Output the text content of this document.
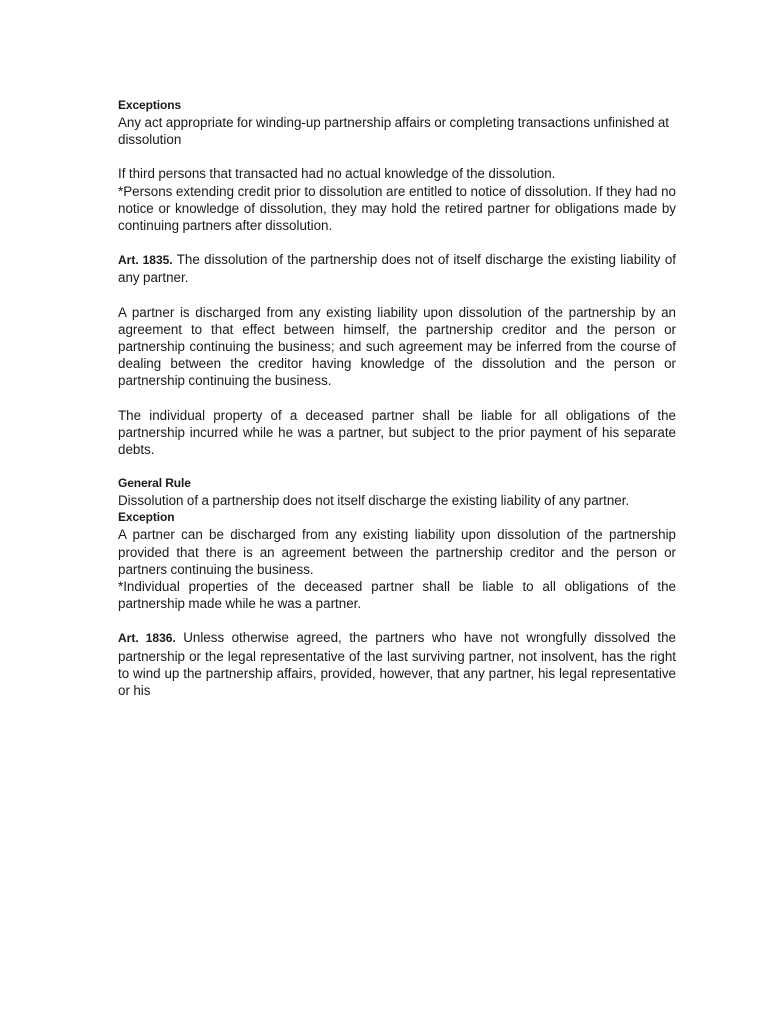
Exceptions

Any act appropriate for winding-up partnership affairs or completing transactions unfinished at dissolution

If third persons that transacted had no actual knowledge of the dissolution.

*Persons extending credit prior to dissolution are entitled to notice of dissolution. If they had no notice or knowledge of dissolution, they may hold the retired partner for obligations made by continuing partners after dissolution.

Art. 1835. The dissolution of the partnership does not of itself discharge the existing liability of any partner.

A partner is discharged from any existing liability upon dissolution of the partnership by an agreement to that effect between himself, the partnership creditor and the person or partnership continuing the business; and such agreement may be inferred from the course of dealing between the creditor having knowledge of the dissolution and the person or partnership continuing the business.

The individual property of a deceased partner shall be liable for all obligations of the partnership incurred while he was a partner, but subject to the prior payment of his separate debts.

General Rule

Dissolution of a partnership does not itself discharge the existing liability of any partner.

Exception

A partner can be discharged from any existing liability upon dissolution of the partnership provided that there is an agreement between the partnership creditor and the person or partners continuing the business.

*Individual properties of the deceased partner shall be liable to all obligations of the partnership made while he was a partner.

Art. 1836. Unless otherwise agreed, the partners who have not wrongfully dissolved the partnership or the legal representative of the last surviving partner, not insolvent, has the right to wind up the partnership affairs, provided, however, that any partner, his legal representative or his
